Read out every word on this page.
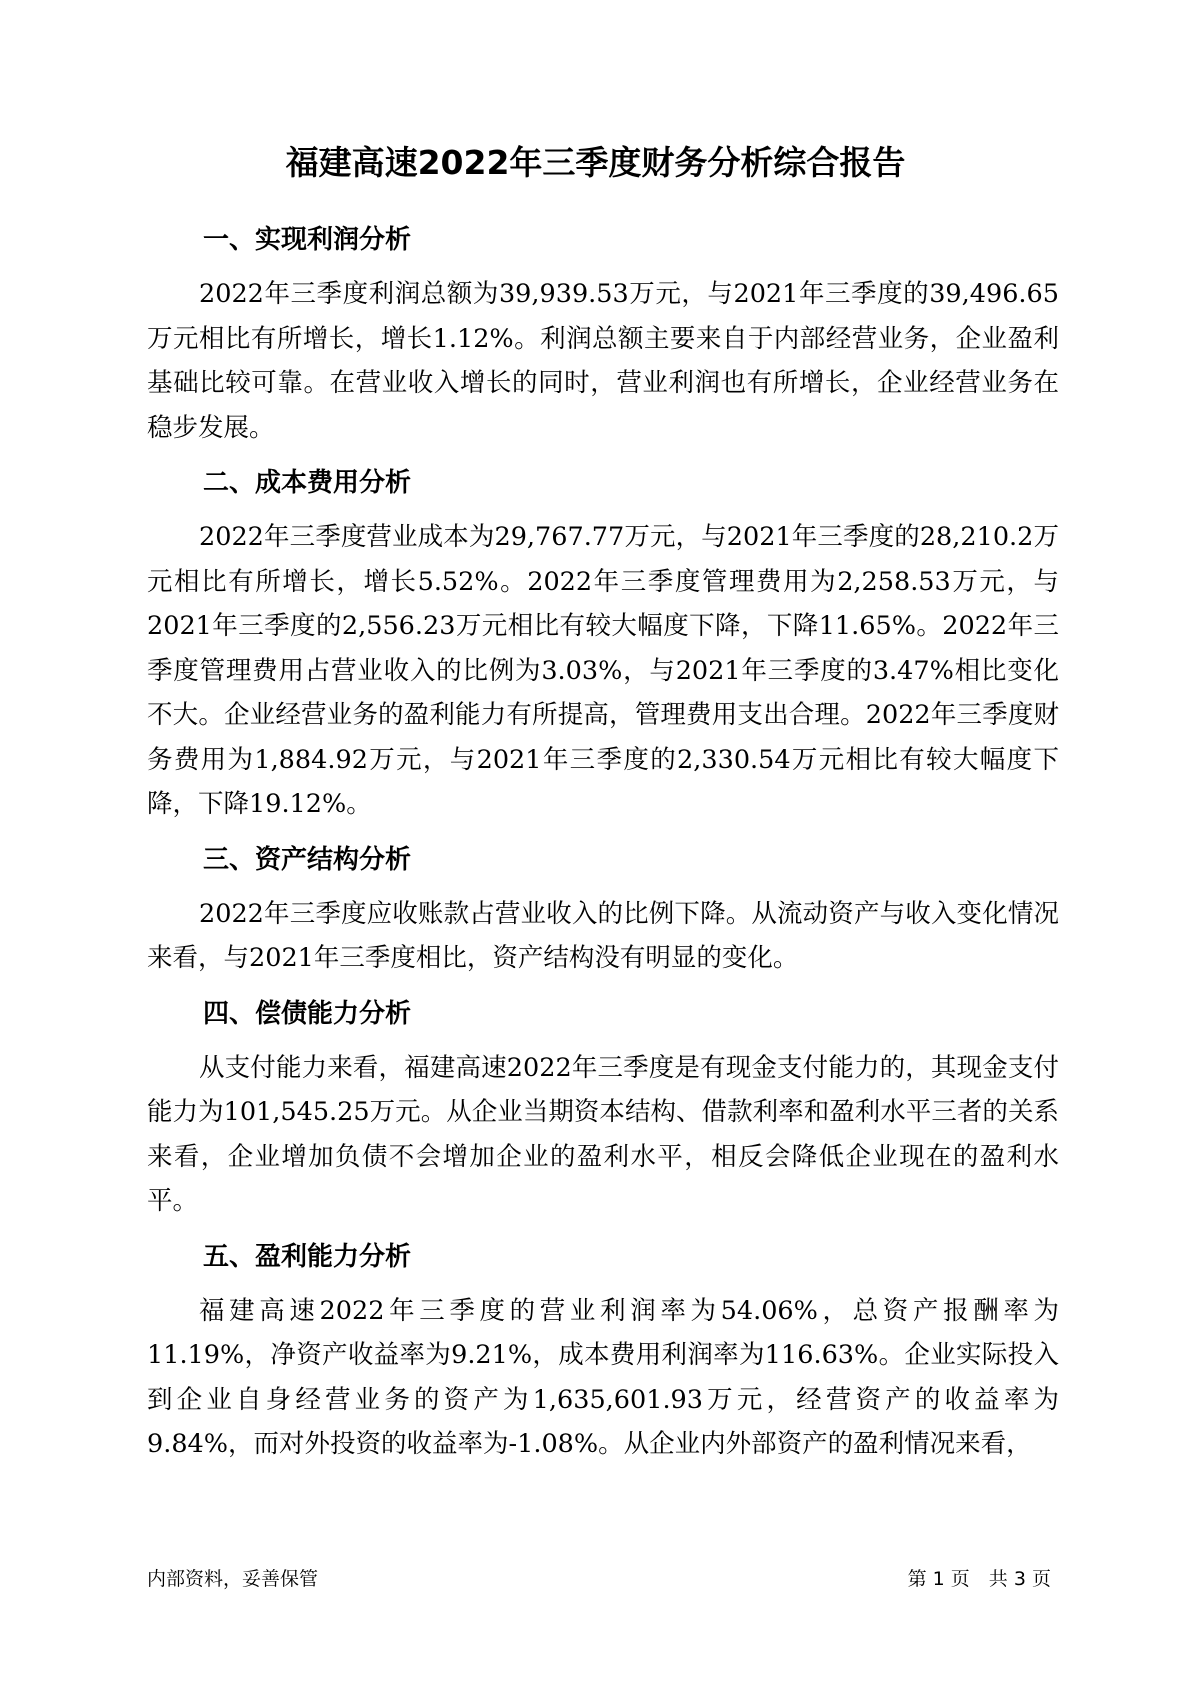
福建高速2022年三季度财务分析综合报告
一、实现利润分析
2022年三季度利润总额为39,939.53万元，与2021年三季度的39,496.65万元相比有所增长，增长1.12%。利润总额主要来自于内部经营业务，企业盈利基础比较可靠。在营业收入增长的同时，营业利润也有所增长，企业经营业务在稳步发展。
二、成本费用分析
2022年三季度营业成本为29,767.77万元，与2021年三季度的28,210.2万元相比有所增长，增长5.52%。2022年三季度管理费用为2,258.53万元，与2021年三季度的2,556.23万元相比有较大幅度下降，下降11.65%。2022年三季度管理费用占营业收入的比例为3.03%，与2021年三季度的3.47%相比变化不大。企业经营业务的盈利能力有所提高，管理费用支出合理。2022年三季度财务费用为1,884.92万元，与2021年三季度的2,330.54万元相比有较大幅度下降，下降19.12%。
三、资产结构分析
2022年三季度应收账款占营业收入的比例下降。从流动资产与收入变化情况来看，与2021年三季度相比，资产结构没有明显的变化。
四、偿债能力分析
从支付能力来看，福建高速2022年三季度是有现金支付能力的，其现金支付能力为101,545.25万元。从企业当期资本结构、借款利率和盈利水平三者的关系来看，企业增加负债不会增加企业的盈利水平，相反会降低企业现在的盈利水平。
五、盈利能力分析
福建高速2022年三季度的营业利润率为54.06%，总资产报酬率为11.19%，净资产收益率为9.21%，成本费用利润率为116.63%。企业实际投入到企业自身经营业务的资产为1,635,601.93万元，经营资产的收益率为9.84%，而对外投资的收益率为-1.08%。从企业内外部资产的盈利情况来看，
内部资料，妥善保管	第 1 页　共 3 页
